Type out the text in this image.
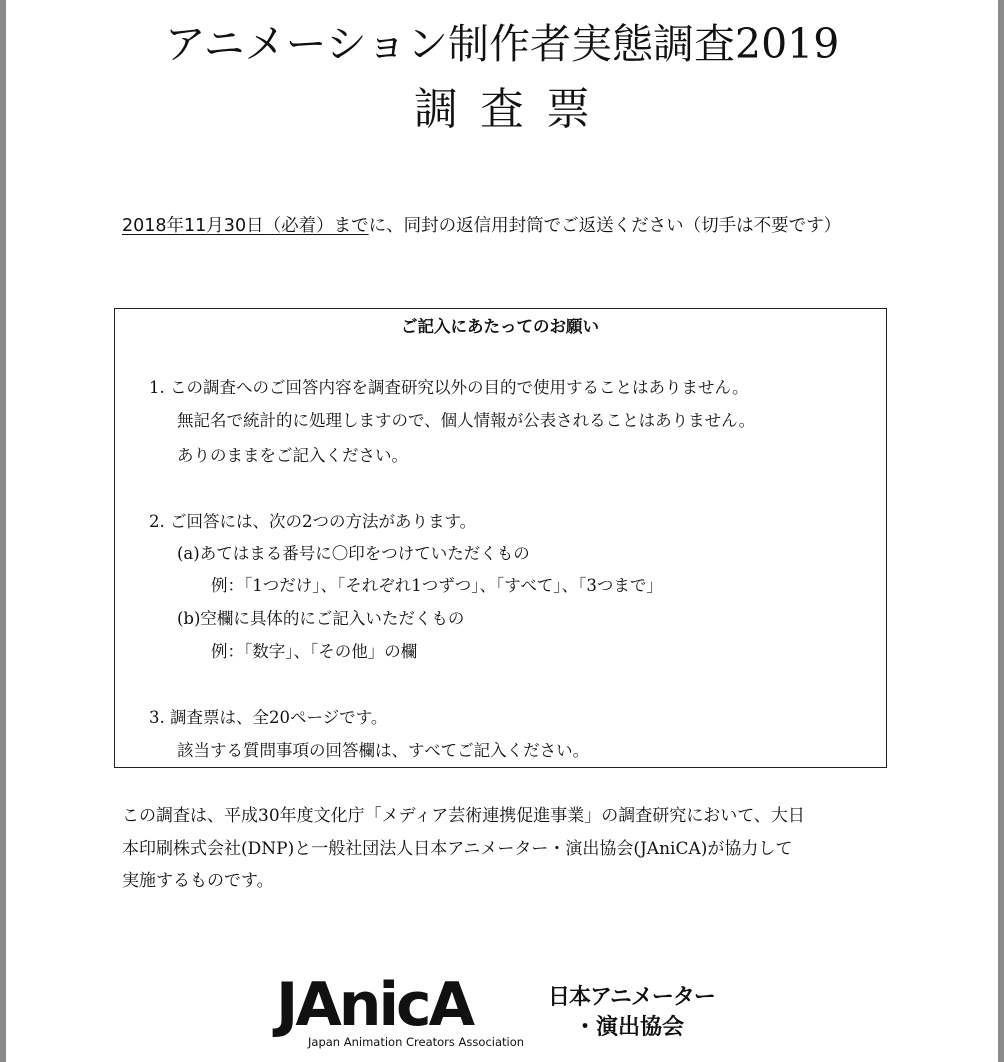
アニメーション制作者実態調査2019
調査票
2018年11月30日（必着）までに、同封の返信用封筒でご返送ください（切手は不要です）
ご記入にあたってのお願い
1. この調査へのご回答内容を調査研究以外の目的で使用することはありません。
無記名で統計的に処理しますので、個人情報が公表されることはありません。
ありのままをご記入ください。
2. ご回答には、次の2つの方法があります。
(a)あてはまる番号に〇印をつけていただくもの
例：「1つだけ」、「それぞれ1つずつ」、「すべて」、「3つまで」
(b)空欄に具体的にご記入いただくもの
例：「数字」、「その他」の欄
3. 調査票は、全20ページです。
該当する質問事項の回答欄は、すべてご記入ください。
この調査は、平成30年度文化庁「メディア芸術連携促進事業」の調査研究において、大日
本印刷株式会社(DNP)と一般社団法人日本アニメーター・演出協会(JAniCA)が協力して
実施するものです。
JAnicA
Japan Animation Creators Association
日本アニメーター
・演出協会
